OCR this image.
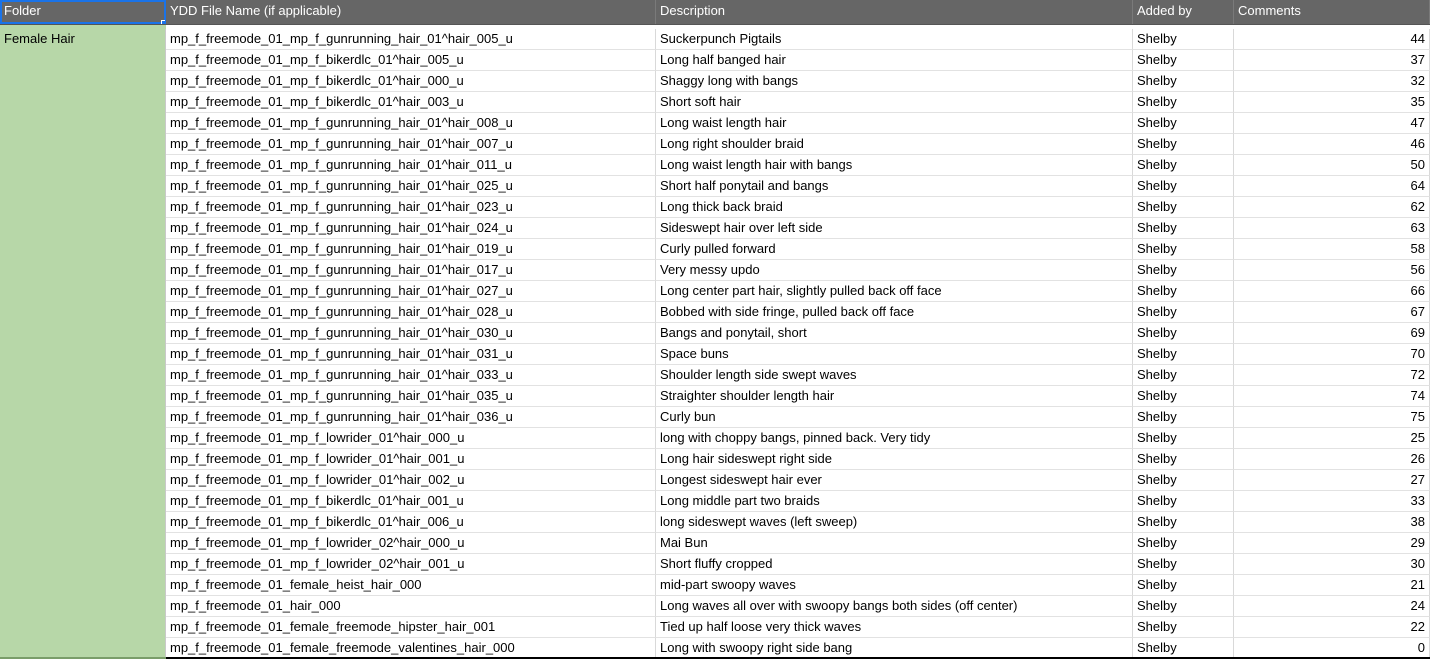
Folder	YDD File Name (if applicable)	Description	Added by	Comments
Female Hair	mp_f_freemode_01_mp_f_gunrunning_hair_01^hair_005_u	Suckerpunch Pigtails	Shelby	44
mp_f_freemode_01_mp_f_bikerdlc_01^hair_005_u	Long half banged hair	Shelby	37
mp_f_freemode_01_mp_f_bikerdlc_01^hair_000_u	Shaggy long with bangs	Shelby	32
mp_f_freemode_01_mp_f_bikerdlc_01^hair_003_u	Short soft hair	Shelby	35
mp_f_freemode_01_mp_f_gunrunning_hair_01^hair_008_u	Long waist length hair	Shelby	47
mp_f_freemode_01_mp_f_gunrunning_hair_01^hair_007_u	Long right shoulder braid	Shelby	46
mp_f_freemode_01_mp_f_gunrunning_hair_01^hair_011_u	Long waist length hair with bangs	Shelby	50
mp_f_freemode_01_mp_f_gunrunning_hair_01^hair_025_u	Short half ponytail and bangs	Shelby	64
mp_f_freemode_01_mp_f_gunrunning_hair_01^hair_023_u	Long thick back braid	Shelby	62
mp_f_freemode_01_mp_f_gunrunning_hair_01^hair_024_u	Sideswept hair over left side	Shelby	63
mp_f_freemode_01_mp_f_gunrunning_hair_01^hair_019_u	Curly pulled forward	Shelby	58
mp_f_freemode_01_mp_f_gunrunning_hair_01^hair_017_u	Very messy updo	Shelby	56
mp_f_freemode_01_mp_f_gunrunning_hair_01^hair_027_u	Long center part hair, slightly pulled back off face	Shelby	66
mp_f_freemode_01_mp_f_gunrunning_hair_01^hair_028_u	Bobbed with side fringe, pulled back off face	Shelby	67
mp_f_freemode_01_mp_f_gunrunning_hair_01^hair_030_u	Bangs and ponytail, short	Shelby	69
mp_f_freemode_01_mp_f_gunrunning_hair_01^hair_031_u	Space buns	Shelby	70
mp_f_freemode_01_mp_f_gunrunning_hair_01^hair_033_u	Shoulder length side swept waves	Shelby	72
mp_f_freemode_01_mp_f_gunrunning_hair_01^hair_035_u	Straighter shoulder length hair	Shelby	74
mp_f_freemode_01_mp_f_gunrunning_hair_01^hair_036_u	Curly bun	Shelby	75
mp_f_freemode_01_mp_f_lowrider_01^hair_000_u	long with choppy bangs, pinned back. Very tidy	Shelby	25
mp_f_freemode_01_mp_f_lowrider_01^hair_001_u	Long hair sideswept right side	Shelby	26
mp_f_freemode_01_mp_f_lowrider_01^hair_002_u	Longest sideswept hair ever	Shelby	27
mp_f_freemode_01_mp_f_bikerdlc_01^hair_001_u	Long middle part two braids	Shelby	33
mp_f_freemode_01_mp_f_bikerdlc_01^hair_006_u	long sideswept waves (left sweep)	Shelby	38
mp_f_freemode_01_mp_f_lowrider_02^hair_000_u	Mai Bun	Shelby	29
mp_f_freemode_01_mp_f_lowrider_02^hair_001_u	Short fluffy cropped	Shelby	30
mp_f_freemode_01_female_heist_hair_000	mid-part swoopy waves	Shelby	21
mp_f_freemode_01_hair_000	Long waves all over with swoopy bangs both sides (off center)	Shelby	24
mp_f_freemode_01_female_freemode_hipster_hair_001	Tied up half loose very thick waves	Shelby	22
mp_f_freemode_01_female_freemode_valentines_hair_000	Long with swoopy right side bang	Shelby	0
